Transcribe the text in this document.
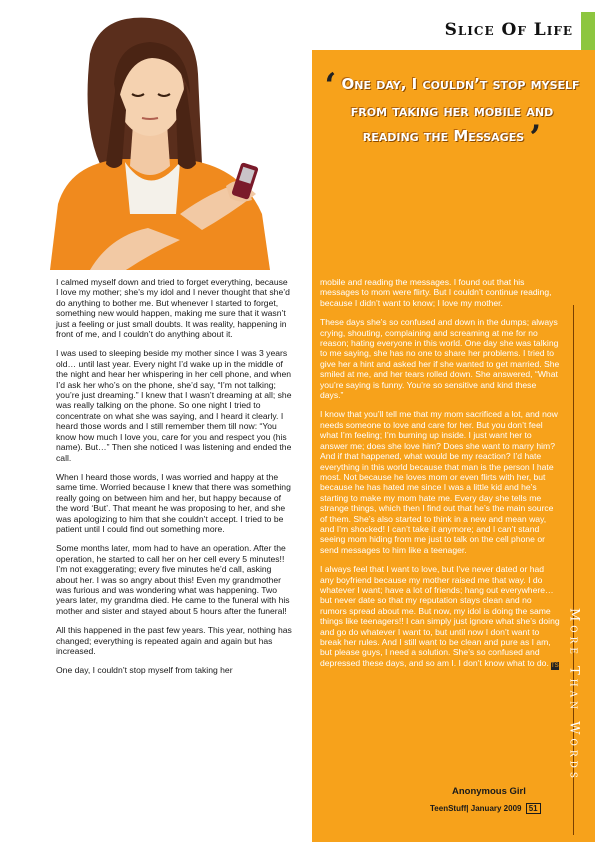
Slice Of Life
‘ One day, I couldn’t stop myself from taking her mobile and reading the Messages ’

I calmed myself down and tried to forget everything, because I love my mother; she’s my idol and I never thought that she’d do anything to bother me. But whenever I started to forget, something new would happen, making me sure that it wasn’t just a feeling or just small doubts. It was reality, happening in front of me, and I couldn’t do anything about it.

I was used to sleeping beside my mother since I was 3 years old… until last year. Every night I’d wake up in the middle of the night and hear her whispering in her cell phone, and when I’d ask her who’s on the phone, she’d say, “I’m not talking; you’re just dreaming.” I knew that I wasn’t dreaming at all; she was really talking on the phone. So one night I tried to concentrate on what she was saying, and I heard it clearly. I heard those words and I still remember them till now: “You know how much I love you, care for you and respect you (his name). But…” Then she noticed I was listening and ended the call.

When I heard those words, I was worried and happy at the same time. Worried because I knew that there was something really going on between him and her, but happy because of the word ‘But’. That meant he was proposing to her, and she was apologizing to him that she couldn’t accept. I tried to be patient until I could find out something more.

Some months later, mom had to have an operation. After the operation, he started to call her on her cell every 5 minutes!! I’m not exaggerating; every five minutes he’d call, asking about her. I was so angry about this! Even my grandmother was furious and was wondering what was happening. Two years later, my grandma died. He came to the funeral with his mother and sister and stayed about 5 hours after the funeral!

All this happened in the past few years. This year, nothing has changed; everything is repeated again and again but has increased.

One day, I couldn’t stop myself from taking her

mobile and reading the messages. I found out that his messages to mom were flirty. But I couldn’t continue reading, because I didn’t want to know; I love my mother.

These days she’s so confused and down in the dumps; always crying, shouting, complaining and screaming at me for no reason; hating everyone in this world. One day she was talking to me saying, she has no one to share her problems. I tried to give her a hint and asked her if she wanted to get married. She smiled at me, and her tears rolled down. She answered, “What you’re saying is funny. You’re so sensitive and kind these days.”

I know that you’ll tell me that my mom sacrificed a lot, and now needs someone to love and care for her. But you don’t feel what I’m feeling; I’m burning up inside. I just want her to answer me; does she love him? Does she want to marry him? And if that happened, what would be my reaction? I’d hate everything in this world because that man is the person I hate most. Not because he loves mom or even flirts with her, but because he has hated me since I was a little kid and he’s starting to make my mom hate me. Every day she tells me strange things, which then I find out that he’s the main source of them. She’s also started to think in a new and mean way, and I’m shocked! I can’t take it anymore; and I can’t stand seeing mom hiding from me just to talk on the cell phone or send messages to him like a teenager.

I always feel that I want to love, but I’ve never dated or had any boyfriend because my mother raised me that way. I do whatever I want; have a lot of friends; hang out everywhere… but never date so that my reputation stays clean and no rumors spread about me. But now, my idol is doing the same things like teenagers!! I can simply just ignore what she’s doing and go do whatever I want to, but until now I don’t want to break her rules. And I still want to be clean and pure as I am, but please guys, I need a solution. She’s so confused and depressed these days, and so am I. I don’t know what to do. TS More Than Words
Anonymous Girl
TeenStuff| January 2009 51
